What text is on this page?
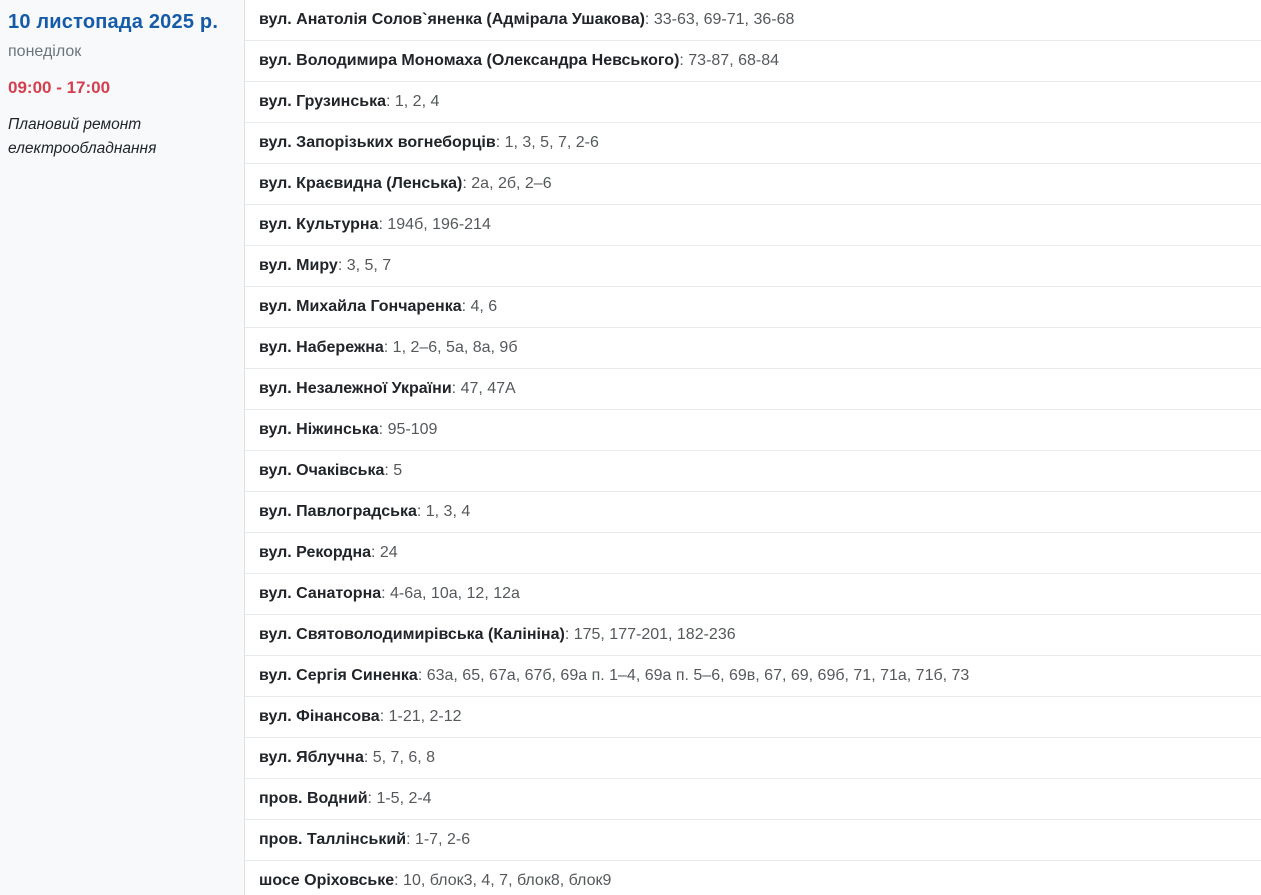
10 листопада 2025 р.
понеділок
09:00 - 17:00
Плановий ремонт електрообладнання
вул. Анатолія Солов`яненка (Адмірала Ушакова): 33-63, 69-71, 36-68
вул. Володимира Мономаха (Олександра Невського): 73-87, 68-84
вул. Грузинська: 1, 2, 4
вул. Запорізьких вогнеборців: 1, 3, 5, 7, 2-6
вул. Краєвидна (Ленська): 2а, 2б, 2–6
вул. Культурна: 194б, 196-214
вул. Миру: 3, 5, 7
вул. Михайла Гончаренка: 4, 6
вул. Набережна: 1, 2–6, 5а, 8а, 9б
вул. Незалежної України: 47, 47А
вул. Ніжинська: 95-109
вул. Очаківська: 5
вул. Павлоградська: 1, 3, 4
вул. Рекордна: 24
вул. Санаторна: 4-6а, 10а, 12, 12а
вул. Святоволодимирівська (Калініна): 175, 177-201, 182-236
вул. Сергія Синенка: 63а, 65, 67а, 67б, 69а п. 1–4, 69а п. 5–6, 69в, 67, 69, 69б, 71, 71а, 71б, 73
вул. Фінансова: 1-21, 2-12
вул. Яблучна: 5, 7, 6, 8
пров. Водний: 1-5, 2-4
пров. Таллінський: 1-7, 2-6
шосе Оріховське: 10, блок3, 4, 7, блок8, блок9
